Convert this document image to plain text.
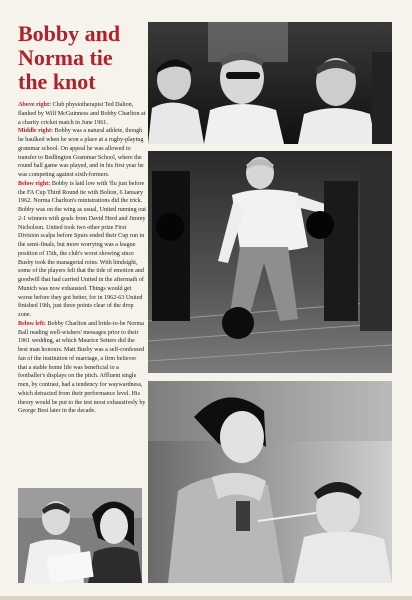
Bobby and Norma tie the knot

Above right: Club physiotherapist Ted Dalton, flanked by Wilf McGuinness and Bobby Charlton at a charity cricket match in June 1961.

Middle right: Bobby was a natural athlete, though he baulked when he won a place at a rugby-playing grammar school. On appeal he was allowed to transfer to Bedlington Grammar School, where the round ball game was played, and in his first year he was competing against sixth-formers.

Below right: Bobby is laid low with 'flu just before the FA Cup Third Round tie with Bolton, 6 January 1962. Norma Charlton's ministrations did the trick. Bobby was on the wing as usual, United running out 2-1 winners with goals from David Herd and Jimmy Nicholson. United took two other prize First Division scalps before Spurs ended their Cup run in the semi-finals, but more worrying was a league position of 15th, the club's worst showing since Busby took the managerial reins. With hindsight, some of the players felt that the tide of emotion and goodwill that had carried United in the aftermath of Munich was now exhausted. Things would get worse before they got better, for in 1962-63 United finished 19th, just three points clear of the drop zone.

Below left: Bobby Charlton and bride-to-be Norma Ball reading well-wishers' messages prior to their 1961 wedding, at which Maurice Setters did the best man honours. Matt Busby was a self-confessed fan of the institution of marriage, a firm believer that a stable home life was beneficial to a footballer's displays on the pitch. Affluent single men, by contrast, had a tendency for waywardness, which detracted from their performance level. His theory would be put to the test most exhaustively by George Best later in the decade.
